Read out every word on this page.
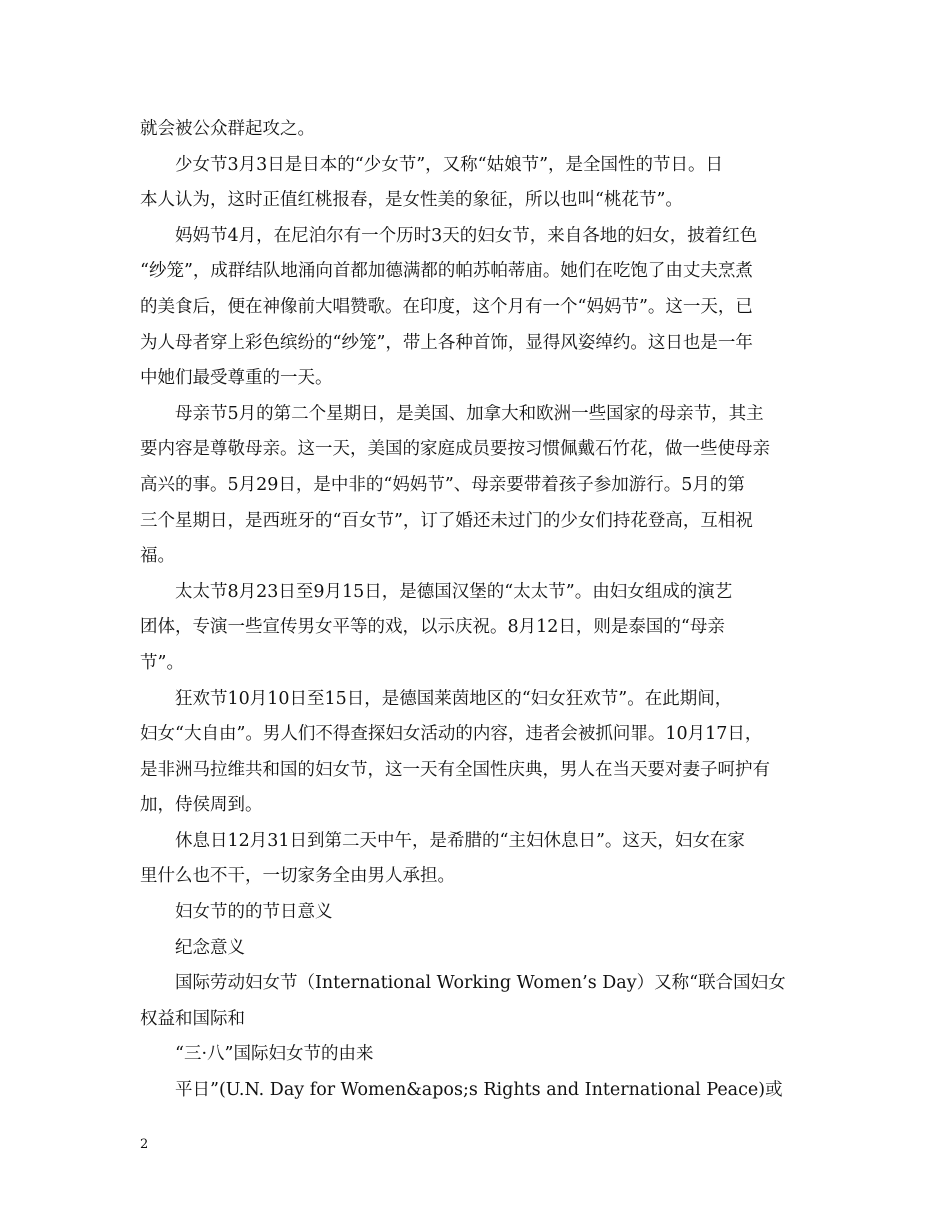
就会被公众群起攻之。
少女节3月3日是日本的“少女节”，又称“姑娘节”，是全国性的节日。日
本人认为，这时正值红桃报春，是女性美的象征，所以也叫“桃花节”。
妈妈节4月，在尼泊尔有一个历时3天的妇女节，来自各地的妇女，披着红色
“纱笼”，成群结队地涌向首都加德满都的帕苏帕蒂庙。她们在吃饱了由丈夫烹煮
的美食后，便在神像前大唱赞歌。在印度，这个月有一个“妈妈节”。这一天，已
为人母者穿上彩色缤纷的“纱笼”，带上各种首饰，显得风姿绰约。这日也是一年
中她们最受尊重的一天。
母亲节5月的第二个星期日，是美国、加拿大和欧洲一些国家的母亲节，其主
要内容是尊敬母亲。这一天，美国的家庭成员要按习惯佩戴石竹花，做一些使母亲
高兴的事。5月29日，是中非的“妈妈节”、母亲要带着孩子参加游行。5月的第
三个星期日，是西班牙的“百女节”，订了婚还未过门的少女们持花登高，互相祝
福。
太太节8月23日至9月15日，是德国汉堡的“太太节”。由妇女组成的演艺
团体，专演一些宣传男女平等的戏，以示庆祝。8月12日，则是泰国的“母亲
节”。
狂欢节10月10日至15日，是德国莱茵地区的“妇女狂欢节”。在此期间，
妇女“大自由”。男人们不得查探妇女活动的内容，违者会被抓问罪。10月17日，
是非洲马拉维共和国的妇女节，这一天有全国性庆典，男人在当天要对妻子呵护有
加，侍侯周到。
休息日12月31日到第二天中午，是希腊的“主妇休息日”。这天，妇女在家
里什么也不干，一切家务全由男人承担。
妇女节的的节日意义
纪念意义
国际劳动妇女节（International Working Women’s Day）又称“联合国妇女
权益和国际和
“三·八”国际妇女节的由来
平日”(U.N. Day for Women&apos;s Rights and International Peace)或
2
